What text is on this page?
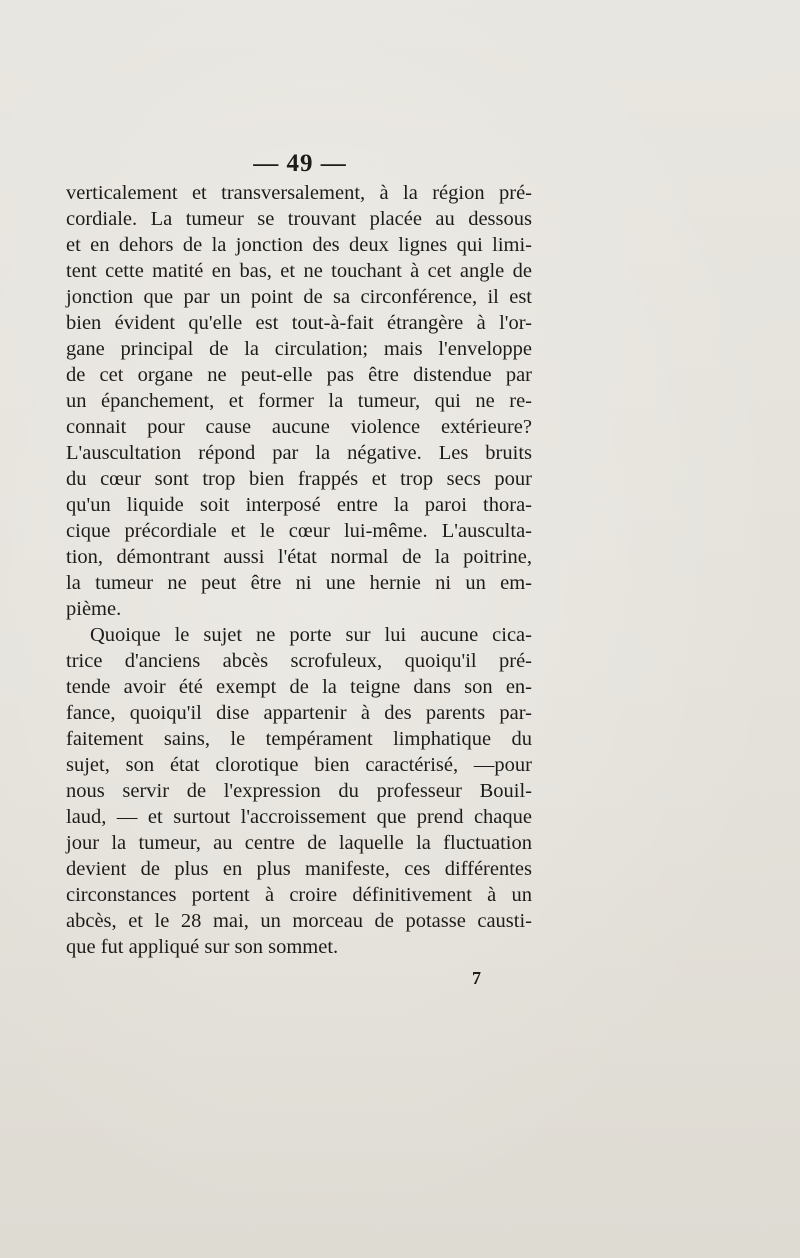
— 49 —
verticalement et transversalement, à la région pré-
cordiale. La tumeur se trouvant placée au dessous
et en dehors de la jonction des deux lignes qui limi-
tent cette matité en bas, et ne touchant à cet angle de
jonction que par un point de sa circonférence, il est
bien évident qu'elle est tout-à-fait étrangère à l'or-
gane principal de la circulation; mais l'enveloppe
de cet organe ne peut-elle pas être distendue par
un épanchement, et former la tumeur, qui ne re-
connait pour cause aucune violence extérieure?
L'auscultation répond par la négative. Les bruits
du cœur sont trop bien frappés et trop secs pour
qu'un liquide soit interposé entre la paroi thora-
cique précordiale et le cœur lui-même. L'ausculta-
tion, démontrant aussi l'état normal de la poitrine,
la tumeur ne peut être ni une hernie ni un em-
pième.
Quoique le sujet ne porte sur lui aucune cica-
trice d'anciens abcès scrofuleux, quoiqu'il pré-
tende avoir été exempt de la teigne dans son en-
fance, quoiqu'il dise appartenir à des parents par-
faitement sains, le tempérament limphatique du
sujet, son état clorotique bien caractérisé, —pour
nous servir de l'expression du professeur Bouil-
laud, — et surtout l'accroissement que prend chaque
jour la tumeur, au centre de laquelle la fluctuation
devient de plus en plus manifeste, ces différentes
circonstances portent à croire définitivement à un
abcès, et le 28 mai, un morceau de potasse causti-
que fut appliqué sur son sommet.
7
